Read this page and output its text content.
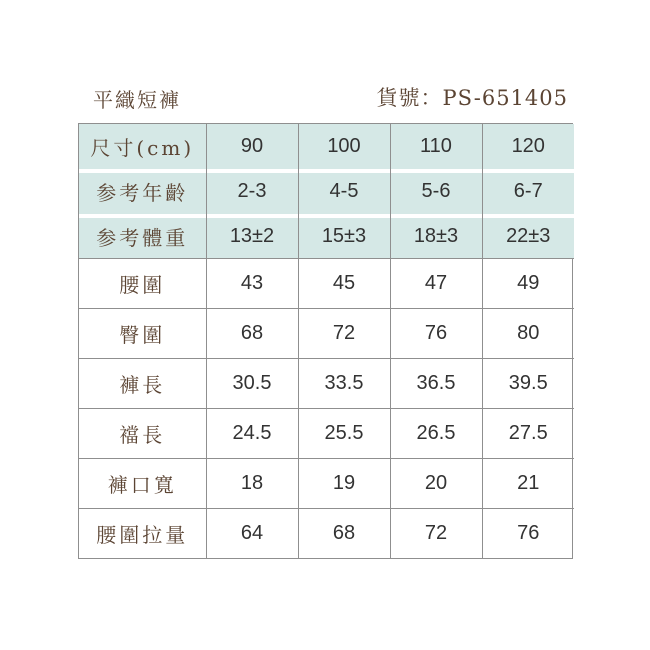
平織短褲	貨號：PS-651405
尺寸(cm)	90	100	110	120
参考年齡	2-3	4-5	5-6	6-7
参考體重	13±2	15±3	18±3	22±3
腰圍	43	45	47	49
臀圍	68	72	76	80
褲長	30.5	33.5	36.5	39.5
襠長	24.5	25.5	26.5	27.5
褲口寬	18	19	20	21
腰圍拉量	64	68	72	76
